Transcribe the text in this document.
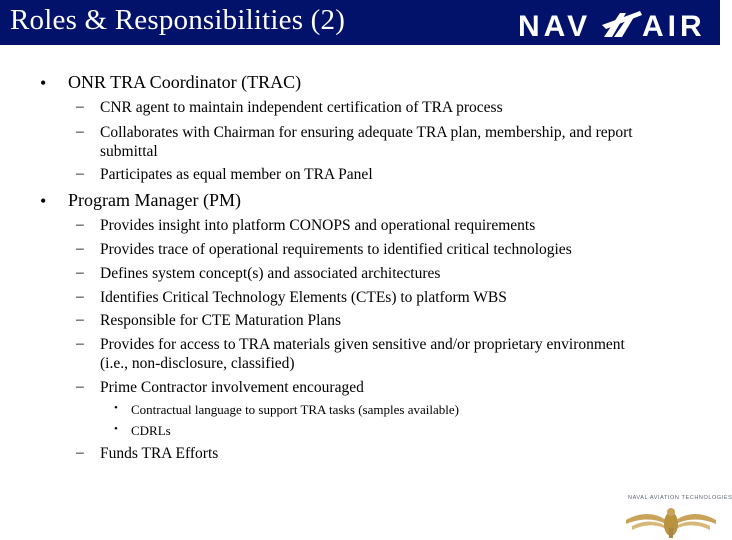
Roles & Responsibilities (2)	NAV AIR
• ONR TRA Coordinator (TRAC)
– CNR agent to maintain independent certification of TRA process
– Collaborates with Chairman for ensuring adequate TRA plan, membership, and report submittal
– Participates as equal member on TRA Panel
• Program Manager (PM)
– Provides insight into platform CONOPS and operational requirements
– Provides trace of operational requirements to identified critical technologies
– Defines system concept(s) and associated architectures
– Identifies Critical Technology Elements (CTEs) to platform WBS
– Responsible for CTE Maturation Plans
– Provides for access to TRA materials given sensitive and/or proprietary environment (i.e., non-disclosure, classified)
– Prime Contractor involvement encouraged
• Contractual language to support TRA tasks (samples available)
• CDRLs
– Funds TRA Efforts
NAVAL AVIATION TECHNOLOGIES
